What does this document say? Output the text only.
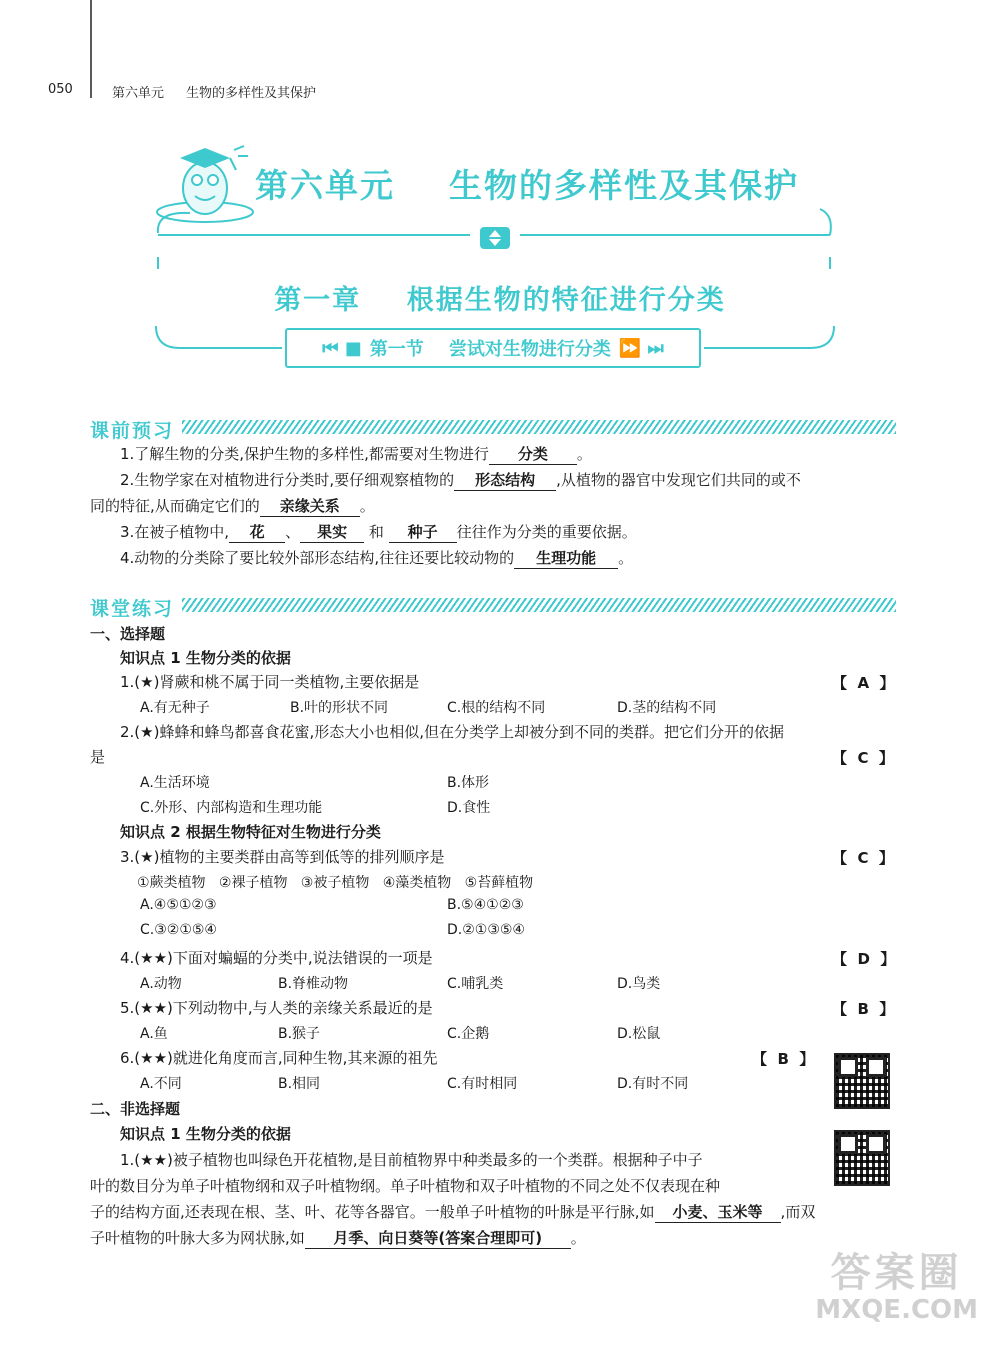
050	第六单元 生物的多样性及其保护
第六单元    生物的多样性及其保护
第一章    根据生物的特征进行分类
⏮ ■ 第一节    尝试对生物进行分类 ⏩ ⏭
课前预习
1.了解生物的分类,保护生物的多样性,都需要对生物进行 分类 。
2.生物学家在对植物进行分类时,要仔细观察植物的 形态结构 ,从植物的器官中发现它们共同的或不
同的特征,从而确定它们的 亲缘关系 。
3.在被子植物中, 花 、 果实 和 种子 往往作为分类的重要依据。
4.动物的分类除了要比较外部形态结构,往往还要比较动物的 生理功能 。
课堂练习
一、选择题
知识点 1 生物分类的依据
1.(★)肾蕨和桃不属于同一类植物,主要依据是	【  A  】
A.有无种子	B.叶的形状不同	C.根的结构不同	D.茎的结构不同
2.(★)蜂蜂和蜂鸟都喜食花蜜,形态大小也相似,但在分类学上却被分到不同的类群。把它们分开的依据
是	【  C  】
A.生活环境	B.体形
C.外形、内部构造和生理功能	D.食性
知识点 2 根据生物特征对生物进行分类
3.(★)植物的主要类群由高等到低等的排列顺序是	【  C  】
①蕨类植物   ②裸子植物   ③被子植物   ④藻类植物   ⑤苔藓植物
A.④⑤①②③	B.⑤④①②③
C.③②①⑤④	D.②①③⑤④
4.(★★)下面对蝙蝠的分类中,说法错误的一项是	【  D  】
A.动物	B.脊椎动物	C.哺乳类	D.鸟类
5.(★★)下列动物中,与人类的亲缘关系最近的是	【  B  】
A.鱼	B.猴子	C.企鹅	D.松鼠
6.(★★)就进化角度而言,同种生物,其来源的祖先	【  B  】
A.不同	B.相同	C.有时相同	D.有时不同
二、非选择题
知识点 1 生物分类的依据
1.(★★)被子植物也叫绿色开花植物,是目前植物界中种类最多的一个类群。根据种子中子
叶的数目分为单子叶植物纲和双子叶植物纲。单子叶植物和双子叶植物的不同之处不仅表现在种
子的结构方面,还表现在根、茎、叶、花等各器官。一般单子叶植物的叶脉是平行脉,如 小麦、玉米等 ,而双
子叶植物的叶脉大多为网状脉,如 月季、向日葵等(答案合理即可) 。
答案圈
MXQE.COM
